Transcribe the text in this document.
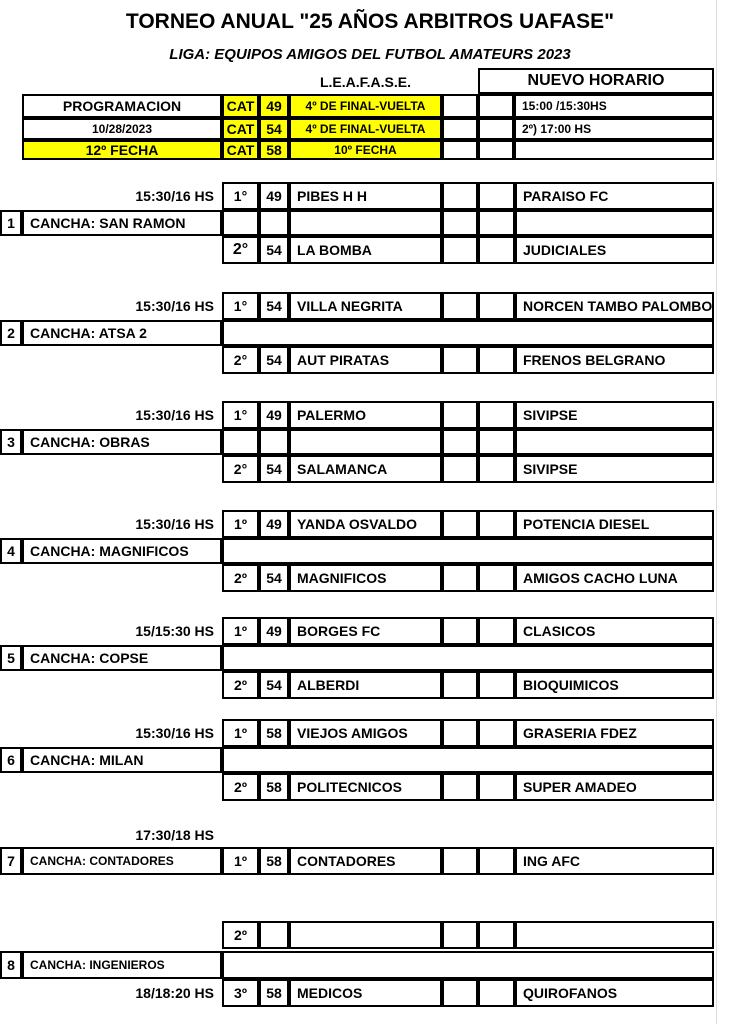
TORNEO ANUAL "25 AÑOS ARBITROS UAFASE"
LIGA: EQUIPOS AMIGOS DEL FUTBOL AMATEURS 2023
L.E.A.F.A.S.E.	NUEVO HORARIO
PROGRAMACION	CAT 49 4º DE FINAL-VUELTA	15:00 /15:30HS
10/28/2023	CAT 54 4º DE FINAL-VUELTA	2º) 17:00 HS
12º FECHA	CAT 58	10º FECHA
15:30/16 HS	1° 49 PIBES H H	PARAISO FC
1 CANCHA: SAN RAMON
2° 54 LA BOMBA	JUDICIALES
15:30/16 HS	1° 54 VILLA NEGRITA	NORCEN TAMBO PALOMBO
2 CANCHA: ATSA 2
2° 54 AUT PIRATAS	FRENOS BELGRANO
15:30/16 HS	1° 49 PALERMO	SIVIPSE
3 CANCHA: OBRAS
2° 54 SALAMANCA	SIVIPSE
15:30/16 HS	1º 49 YANDA OSVALDO	POTENCIA DIESEL
4 CANCHA: MAGNIFICOS
2º 54 MAGNIFICOS	AMIGOS CACHO LUNA
15/15:30 HS	1º 49 BORGES FC	CLASICOS
5 CANCHA: COPSE
2º 54 ALBERDI	BIOQUIMICOS
15:30/16 HS	1º 58 VIEJOS AMIGOS	GRASERIA FDEZ
6 CANCHA: MILAN
2º 58 POLITECNICOS	SUPER AMADEO
17:30/18 HS
7 CANCHA: CONTADORES	1º 58 CONTADORES	ING AFC
2º
8 CANCHA: INGENIEROS
18/18:20 HS	3º 58 MEDICOS	QUIROFANOS
